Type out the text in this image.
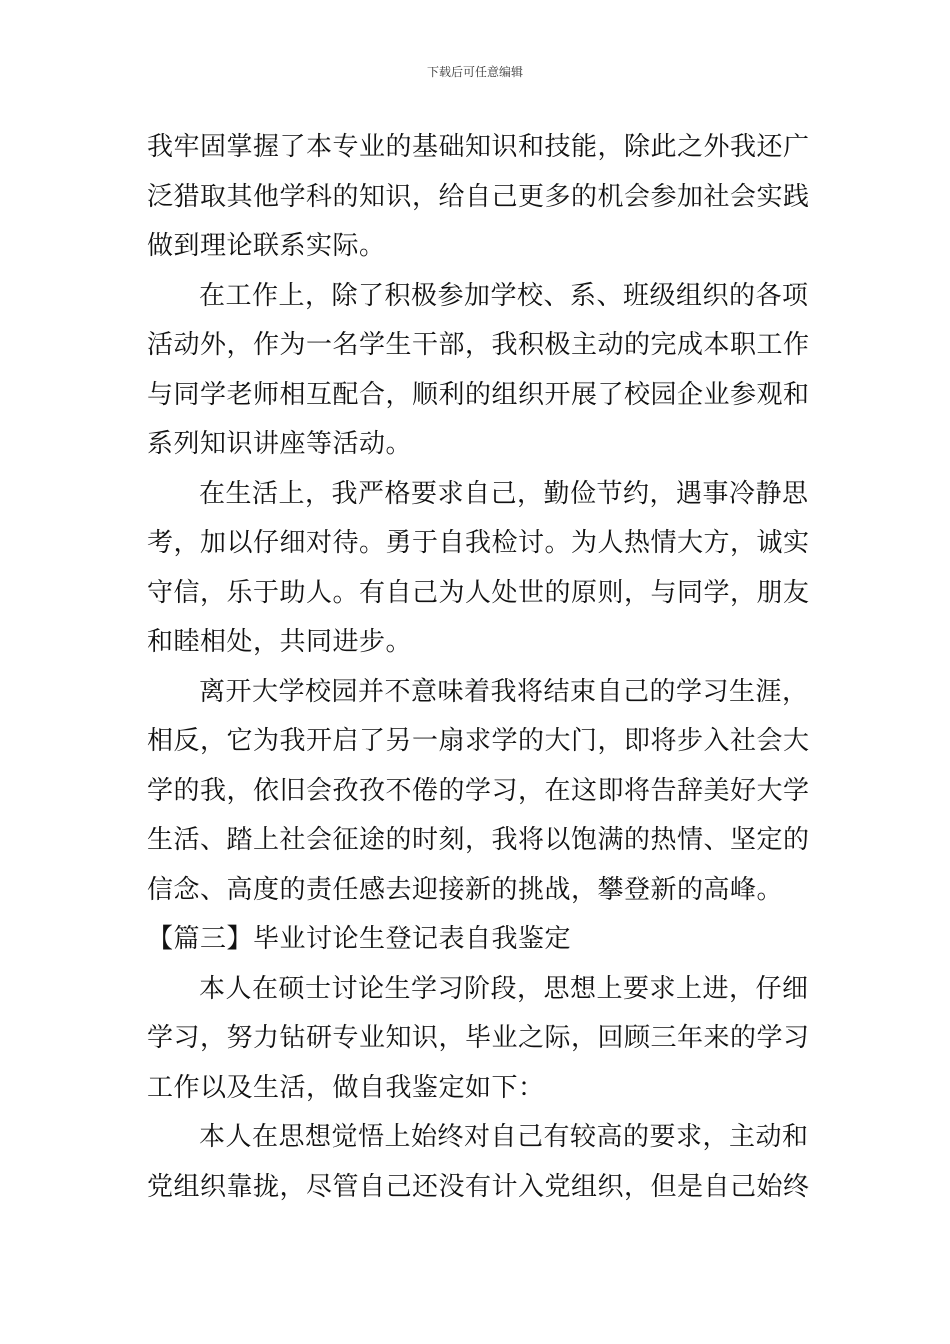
下载后可任意编辑
我牢固掌握了本专业的基础知识和技能，除此之外我还广
泛猎取其他学科的知识，给自己更多的机会参加社会实践
做到理论联系实际。
在工作上，除了积极参加学校、系、班级组织的各项
活动外，作为一名学生干部，我积极主动的完成本职工作
与同学老师相互配合，顺利的组织开展了校园企业参观和
系列知识讲座等活动。
在生活上，我严格要求自己，勤俭节约，遇事冷静思
考，加以仔细对待。勇于自我检讨。为人热情大方，诚实
守信，乐于助人。有自己为人处世的原则，与同学，朋友
和睦相处，共同进步。
离开大学校园并不意味着我将结束自己的学习生涯，
相反，它为我开启了另一扇求学的大门，即将步入社会大
学的我，依旧会孜孜不倦的学习，在这即将告辞美好大学
生活、踏上社会征途的时刻，我将以饱满的热情、坚定的
信念、高度的责任感去迎接新的挑战，攀登新的高峰。
【篇三】毕业讨论生登记表自我鉴定
本人在硕士讨论生学习阶段，思想上要求上进，仔细
学习，努力钻研专业知识，毕业之际，回顾三年来的学习
工作以及生活，做自我鉴定如下：
本人在思想觉悟上始终对自己有较高的要求，主动和
党组织靠拢，尽管自己还没有计入党组织，但是自己始终
